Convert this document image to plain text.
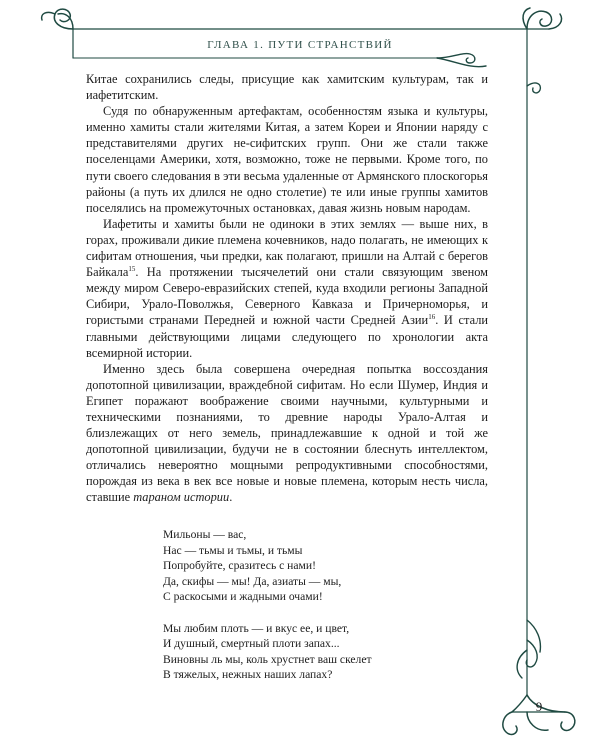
ГЛАВА 1. ПУТИ СТРАНСТВИЙ

Китае сохранились следы, присущие как хамитским культурам, так и иафетитским.

Судя по обнаруженным артефактам, особенностям языка и культуры, именно хамиты стали жителями Китая, а затем Кореи и Японии наряду с представителями других не-сифитских групп. Они же стали также поселенцами Америки, хотя, возможно, тоже не первыми. Кроме того, по пути своего следования в эти весьма удаленные от Армянского плоскогорья районы (а путь их длился не одно столетие) те или иные группы хамитов поселялись на промежуточных остановках, давая жизнь новым народам.

Иафетиты и хамиты были не одиноки в этих землях — выше них, в горах, проживали дикие племена кочевников, надо полагать, не имеющих к сифитам отношения, чьи предки, как полагают, пришли на Алтай с берегов Байкала$^{15}$. На протяжении тысячелетий они стали связующим звеном между миром Северо-евразийских степей, куда входили регионы Западной Сибири, Урало-Поволжья, Северного Кавказа и Причерноморья, и гористыми странами Передней и южной части Средней Азии$^{16}$. И стали главными действующими лицами следующего по хронологии акта всемирной истории.

Именно здесь была совершена очередная попытка воссоздания допотопной цивилизации, враждебной сифитам. Но если Шумер, Индия и Египет поражают воображение своими научными, культурными и техническими познаниями, то древние народы Урало-Алтая и близлежащих от него земель, принадлежавшие к одной и той же допотопной цивилизации, будучи не в состоянии блеснуть интеллектом, отличались невероятно мощными репродуктивными способностями, порождая из века в век все новые и новые племена, которым несть числа, ставшие тараном истории.

Мильоны — вас,
Нас — тьмы и тьмы, и тьмы
Попробуйте, сразитесь с нами!
Да, скифы — мы! Да, азиаты — мы,
С раскосыми и жадными очами!
Мы любим плоть — и вкус ее, и цвет,
И душный, смертный плоти запах...
Виновны ль мы, коль хрустнет ваш скелет
В тяжелых, нежных наших лапах?
9
